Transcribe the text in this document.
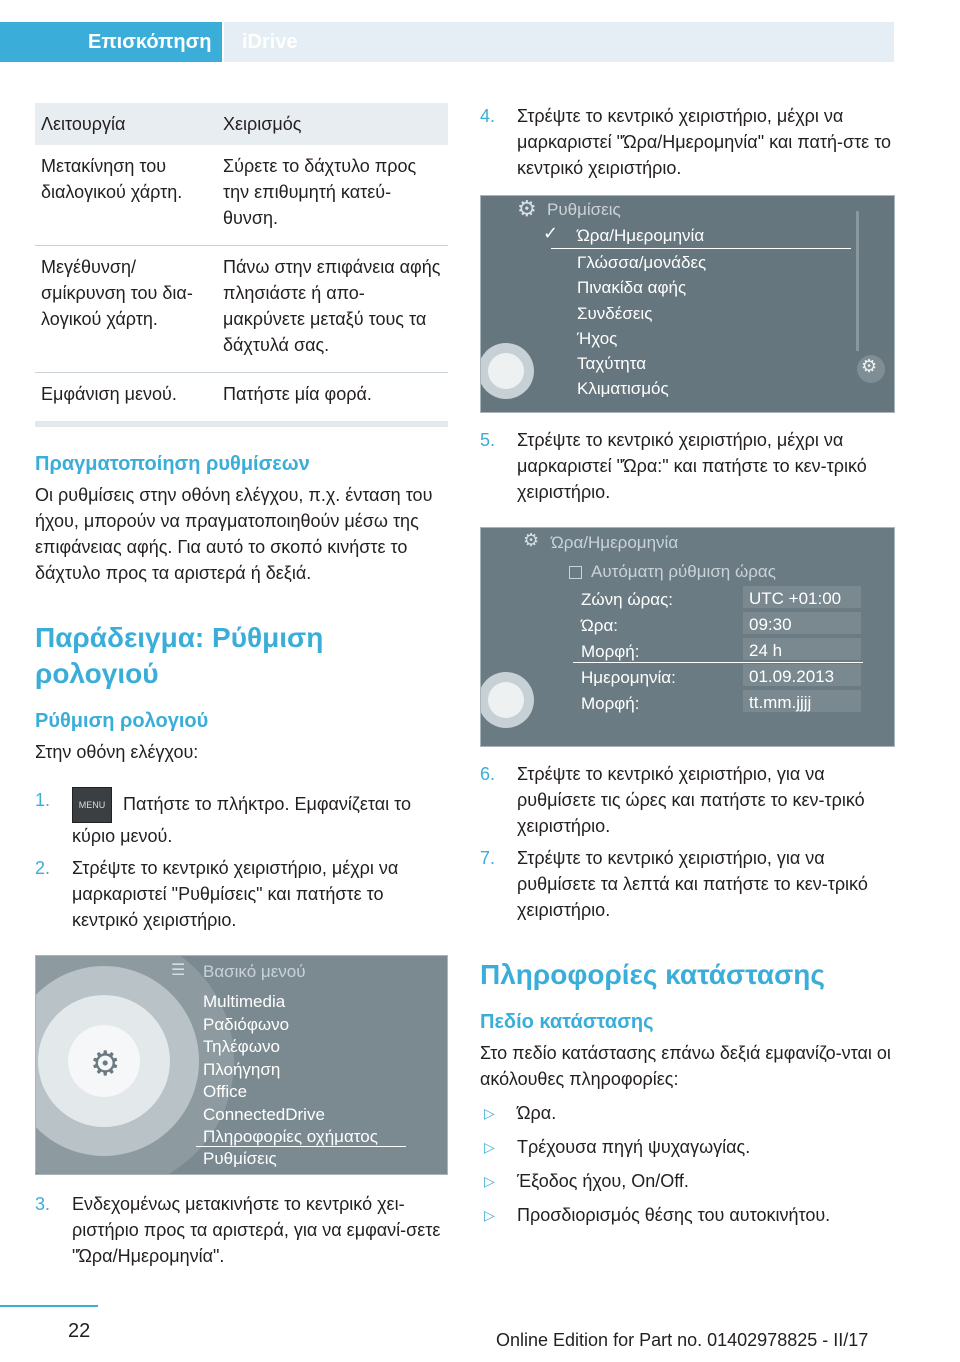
Επισκόπηση iDrive
Λειτουργία	Χειρισμός
Μετακίνηση του διαλογικού χάρτη.	Σύρετε το δάχτυλο προς την επιθυμητή κατεύ-θυνση.
Μεγέθυνση/ σμίκρυνση του δια-λογικού χάρτη.	Πάνω στην επιφάνεια αφής πλησιάστε ή απο-μακρύνετε μεταξύ τους τα δάχτυλά σας.
Εμφάνιση μενού.	Πατήστε μία φορά.
Πραγματοποίηση ρυθμίσεων

Οι ρυθμίσεις στην οθόνη ελέγχου, π.χ. ένταση του ήχου, μπορούν να πραγματοποιηθούν μέσω της επιφάνειας αφής. Για αυτό το σκοπό κινήστε το δάχτυλο προς τα αριστερά ή δεξιά.

Παράδειγμα: Ρύθμιση ρολογιού
Ρύθμιση ρολογιού

Στην οθόνη ελέγχου:

1.	MENU Πατήστε το πλήκτρο. Εμφανίζεται το κύριο μενού.
2. Στρέψτε το κεντρικό χειριστήριο, μέχρι να μαρκαριστεί "Ρυθμίσεις" και πατήστε το κεντρικό χειριστήριο.
⚙
☰ Βασικό μενού
Multimedia
Ραδιόφωνο
Τηλέφωνο
Πλοήγηση
Office
ConnectedDrive
Πληροφορίες οχήματος
Ρυθμίσεις
3. Ενδεχομένως μετακινήστε το κεντρικό χει-ριστήριο προς τα αριστερά, για να εμφανί-σετε "Ώρα/Ημερομηνία".
4. Στρέψτε το κεντρικό χειριστήριο, μέχρι να μαρκαριστεί "Ώρα/Ημερομηνία" και πατή-στε το κεντρικό χειριστήριο.
⚙
⚙
Ρυθμίσεις
✓ Ώρα/Ημερομηνία
Γλώσσα/μονάδες
Πινακίδα αφής
Συνδέσεις
Ήχος
Ταχύτητα
Κλιματισμός
5. Στρέψτε το κεντρικό χειριστήριο, μέχρι να μαρκαριστεί "Ώρα:" και πατήστε το κεν-τρικό χειριστήριο.
⚙ Ώρα/Ημερομηνία
Αυτόματη ρύθμιση ώρας
Ζώνη ώρας:	UTC +01:00
Ώρα:	09:30
Μορφή:	24 h
Ημερομηνία:	01.09.2013
Μορφή:	tt.mm.jjjj
6. Στρέψτε το κεντρικό χειριστήριο, για να ρυθμίσετε τις ώρες και πατήστε το κεν-τρικό χειριστήριο.
7. Στρέψτε το κεντρικό χειριστήριο, για να ρυθμίσετε τα λεπτά και πατήστε το κεν-τρικό χειριστήριο.
Πληροφορίες κατάστασης
Πεδίο κατάστασης

Στο πεδίο κατάστασης επάνω δεξιά εμφανίζο-νται οι ακόλουθες πληροφορίες:

▷ Ώρα.
▷ Τρέχουσα πηγή ψυχαγωγίας.
▷ Έξοδος ήχου, On/Off.
▷ Προσδιορισμός θέσης του αυτοκινήτου.
22	Online Edition for Part no. 01402978825 - II/17
